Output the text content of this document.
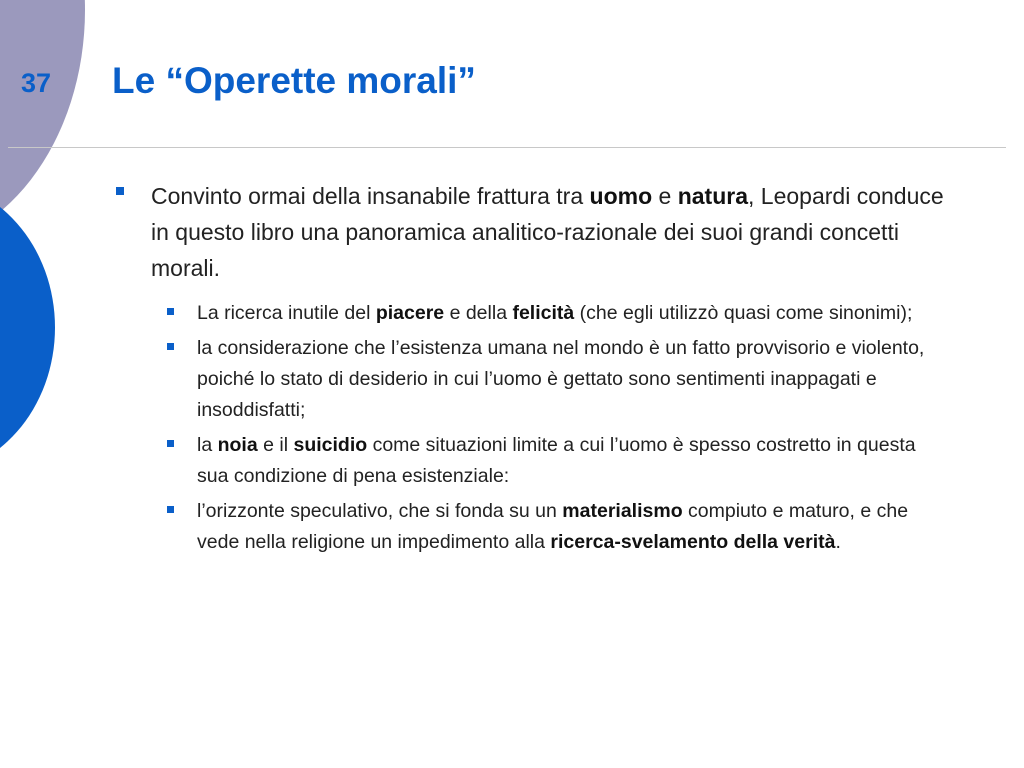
37 Le “Operette morali”
Convinto ormai della insanabile frattura tra uomo e natura, Leopardi conduce in questo libro una panoramica analitico-razionale dei suoi grandi concetti morali.
La ricerca inutile del piacere e della felicità (che egli utilizzò quasi come sinonimi);
la considerazione che l’esistenza umana nel mondo è un fatto provvisorio e violento, poiché lo stato di desiderio in cui l’uomo è gettato sono sentimenti inappagati e insoddisfatti;
la noia e il suicidio come situazioni limite a cui l’uomo è spesso costretto in questa sua condizione di pena esistenziale:
l’orizzonte speculativo, che si fonda su un materialismo compiuto e maturo, e che vede nella religione un impedimento alla ricerca-svelamento della verità.
